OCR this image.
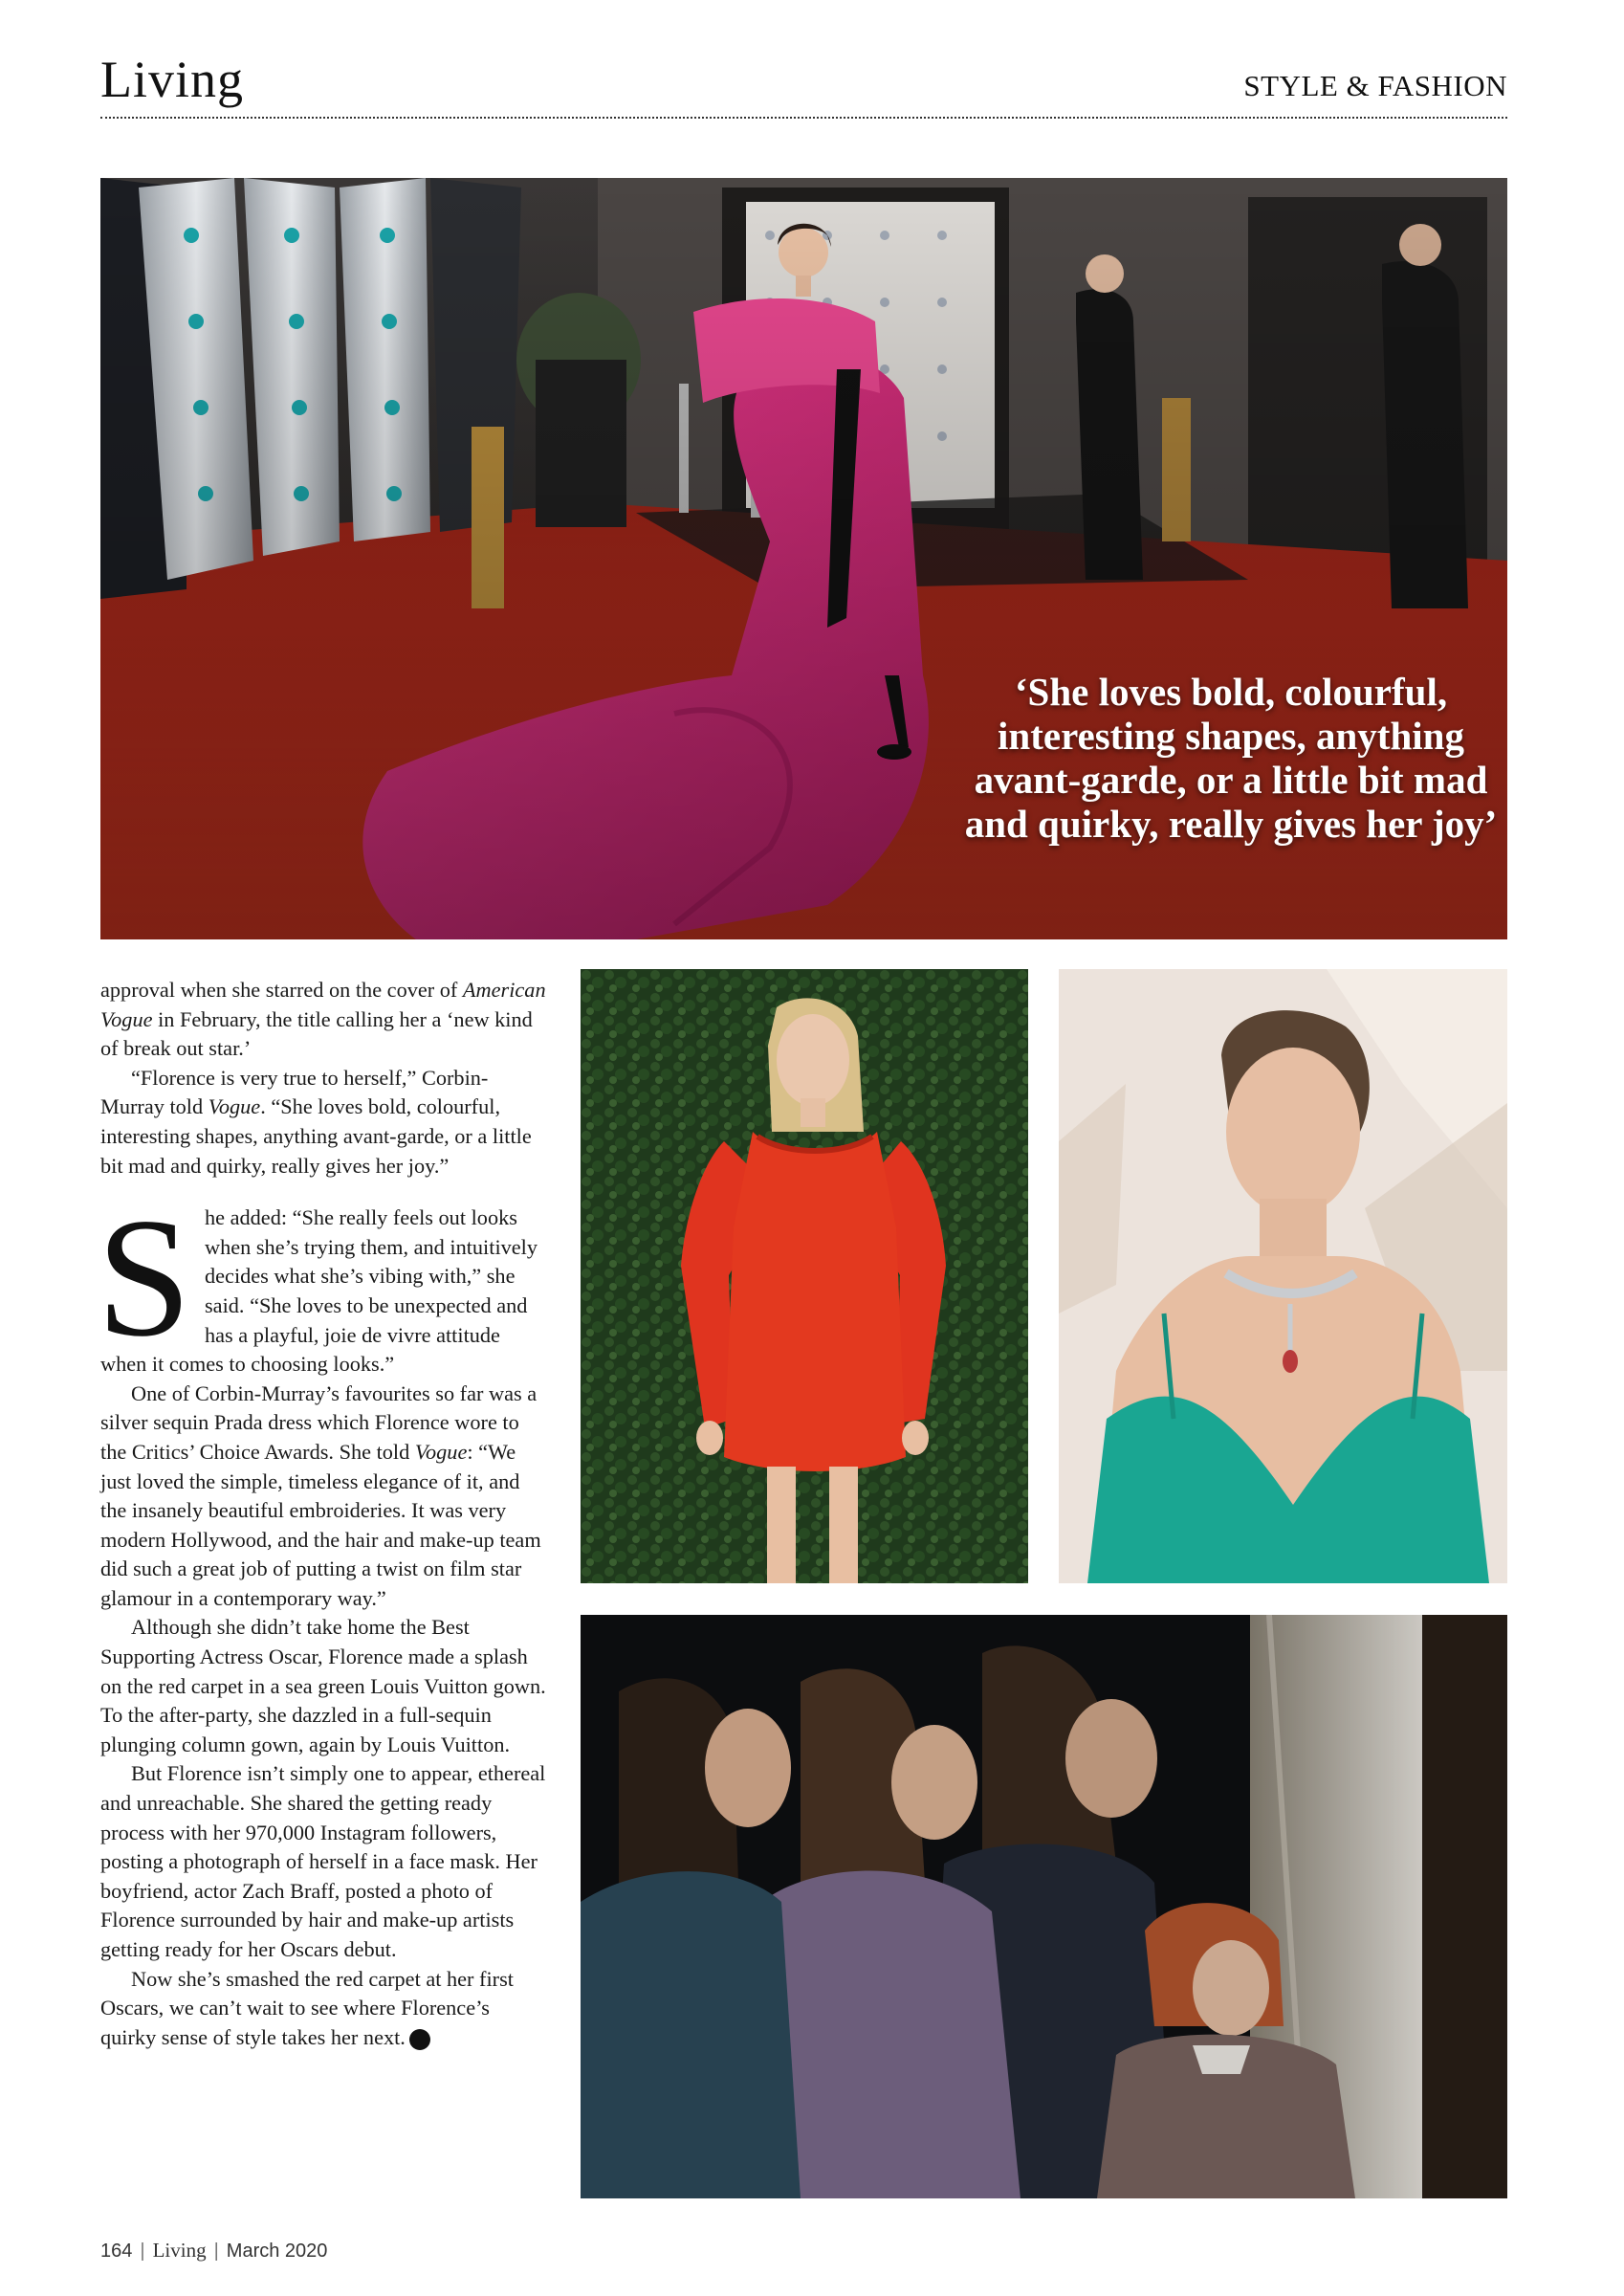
Living	STYLE & FASHION
‘She loves bold, colourful, interesting shapes, anything avant-garde, or a little bit mad and quirky, really gives her joy’

approval when she starred on the cover of American Vogue in February, the title calling her a ‘new kind of break out star.’

“Florence is very true to herself,” Corbin-Murray told Vogue. “She loves bold, colourful, interesting shapes, anything avant-garde, or a little bit mad and quirky, really gives her joy.”

She added: “She really feels out looks when she’s trying them, and intuitively decides what she’s vibing with,” she said. “She loves to be unexpected and has a playful, joie de vivre attitude when it comes to choosing looks.”

One of Corbin-Murray’s favourites so far was a silver sequin Prada dress which Florence wore to the Critics’ Choice Awards. She told Vogue: “We just loved the simple, timeless elegance of it, and the insanely beautiful embroideries. It was very modern Hollywood, and the hair and make-up team did such a great job of putting a twist on film star glamour in a contemporary way.”

Although she didn’t take home the Best Supporting Actress Oscar, Florence made a splash on the red carpet in a sea green Louis Vuitton gown. To the after-party, she dazzled in a full-sequin plunging column gown, again by Louis Vuitton.

But Florence isn’t simply one to appear, ethereal and unreachable. She shared the getting ready process with her 970,000 Instagram followers, posting a photograph of herself in a face mask. Her boyfriend, actor Zach Braff, posted a photo of Florence surrounded by hair and make-up artists getting ready for her Oscars debut.

Now she’s smashed the red carpet at her first Oscars, we can’t wait to see where Florence’s quirky sense of style takes her next.	L

164 | Living | March 2020
